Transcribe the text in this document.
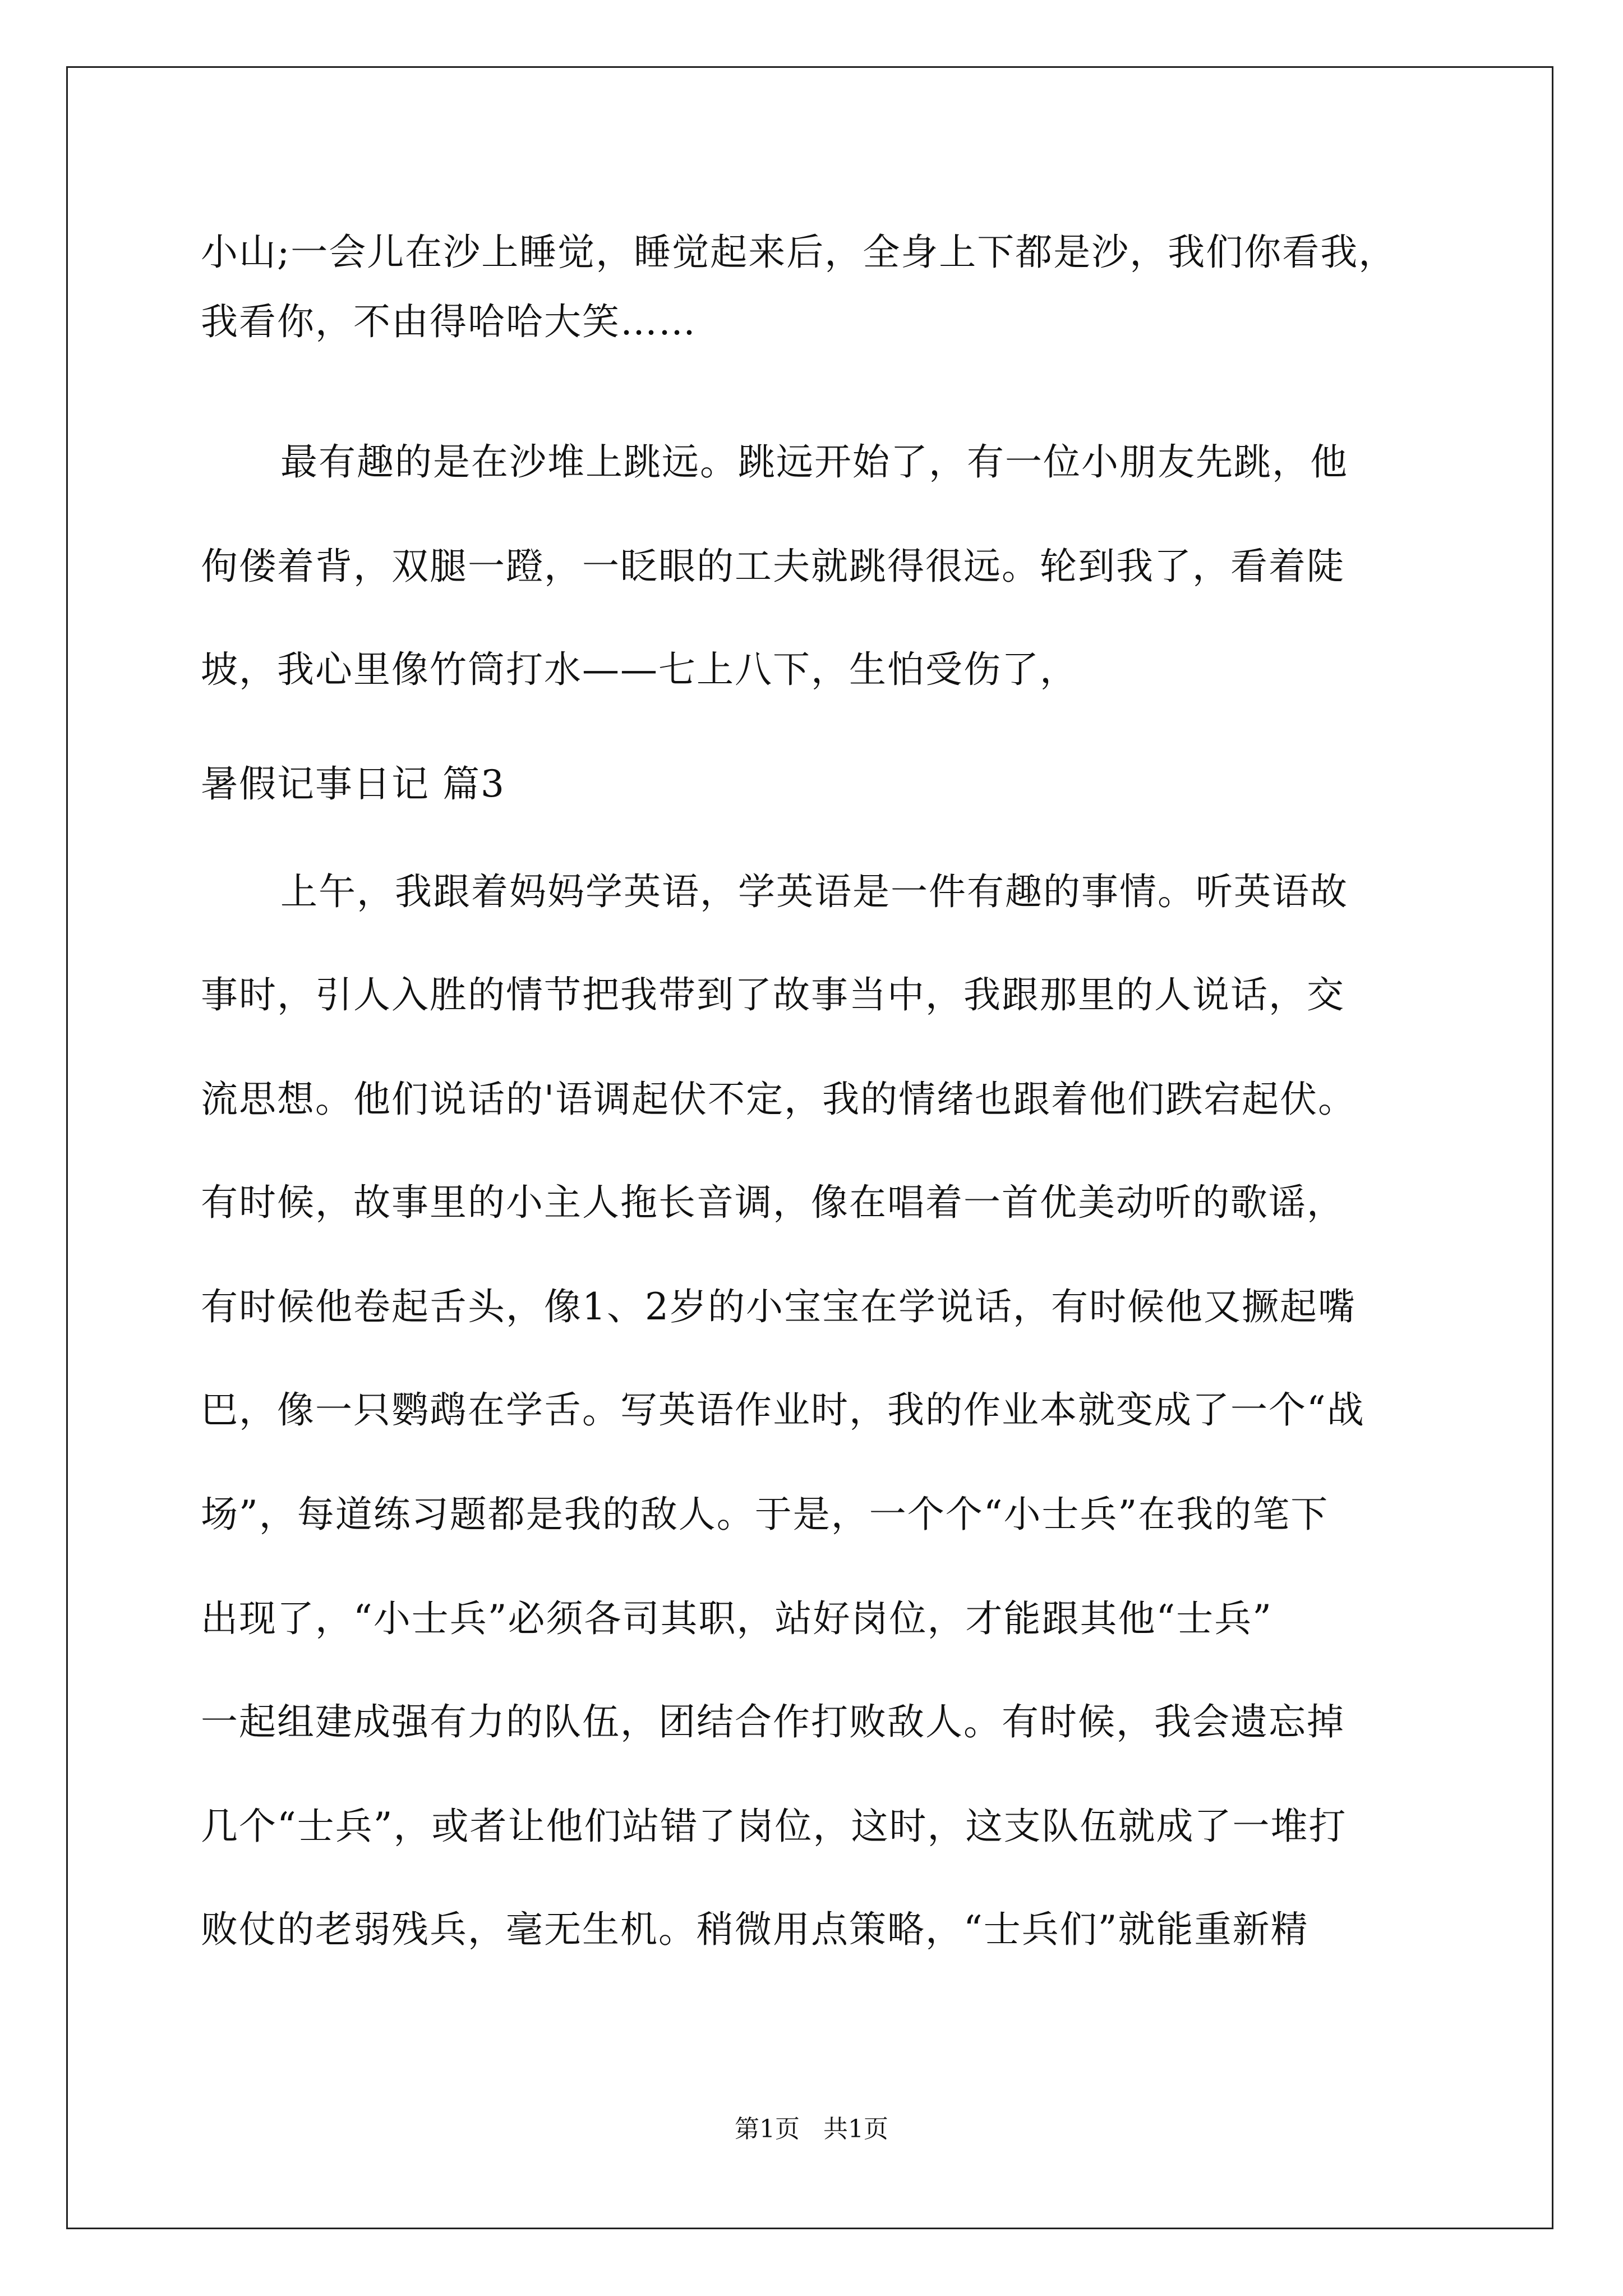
小山;一会儿在沙上睡觉，睡觉起来后，全身上下都是沙，我们你看我，
我看你，不由得哈哈大笑……
最有趣的是在沙堆上跳远。跳远开始了，有一位小朋友先跳，他
佝偻着背，双腿一蹬，一眨眼的工夫就跳得很远。轮到我了，看着陡
坡，我心里像竹筒打水——七上八下，生怕受伤了，
暑假记事日记 篇3
上午，我跟着妈妈学英语，学英语是一件有趣的事情。听英语故
事时，引人入胜的情节把我带到了故事当中，我跟那里的人说话，交
流思想。他们说话的'语调起伏不定，我的情绪也跟着他们跌宕起伏。
有时候，故事里的小主人拖长音调，像在唱着一首优美动听的歌谣，
有时候他卷起舌头，像1、2岁的小宝宝在学说话，有时候他又撅起嘴
巴，像一只鹦鹉在学舌。写英语作业时，我的作业本就变成了一个“战
场”，每道练习题都是我的敌人。于是，一个个“小士兵”在我的笔下
出现了，“小士兵”必须各司其职，站好岗位，才能跟其他“士兵”
一起组建成强有力的队伍，团结合作打败敌人。有时候，我会遗忘掉
几个“士兵”，或者让他们站错了岗位，这时，这支队伍就成了一堆打
败仗的老弱残兵，毫无生机。稍微用点策略，“士兵们”就能重新精
第1页   共1页
